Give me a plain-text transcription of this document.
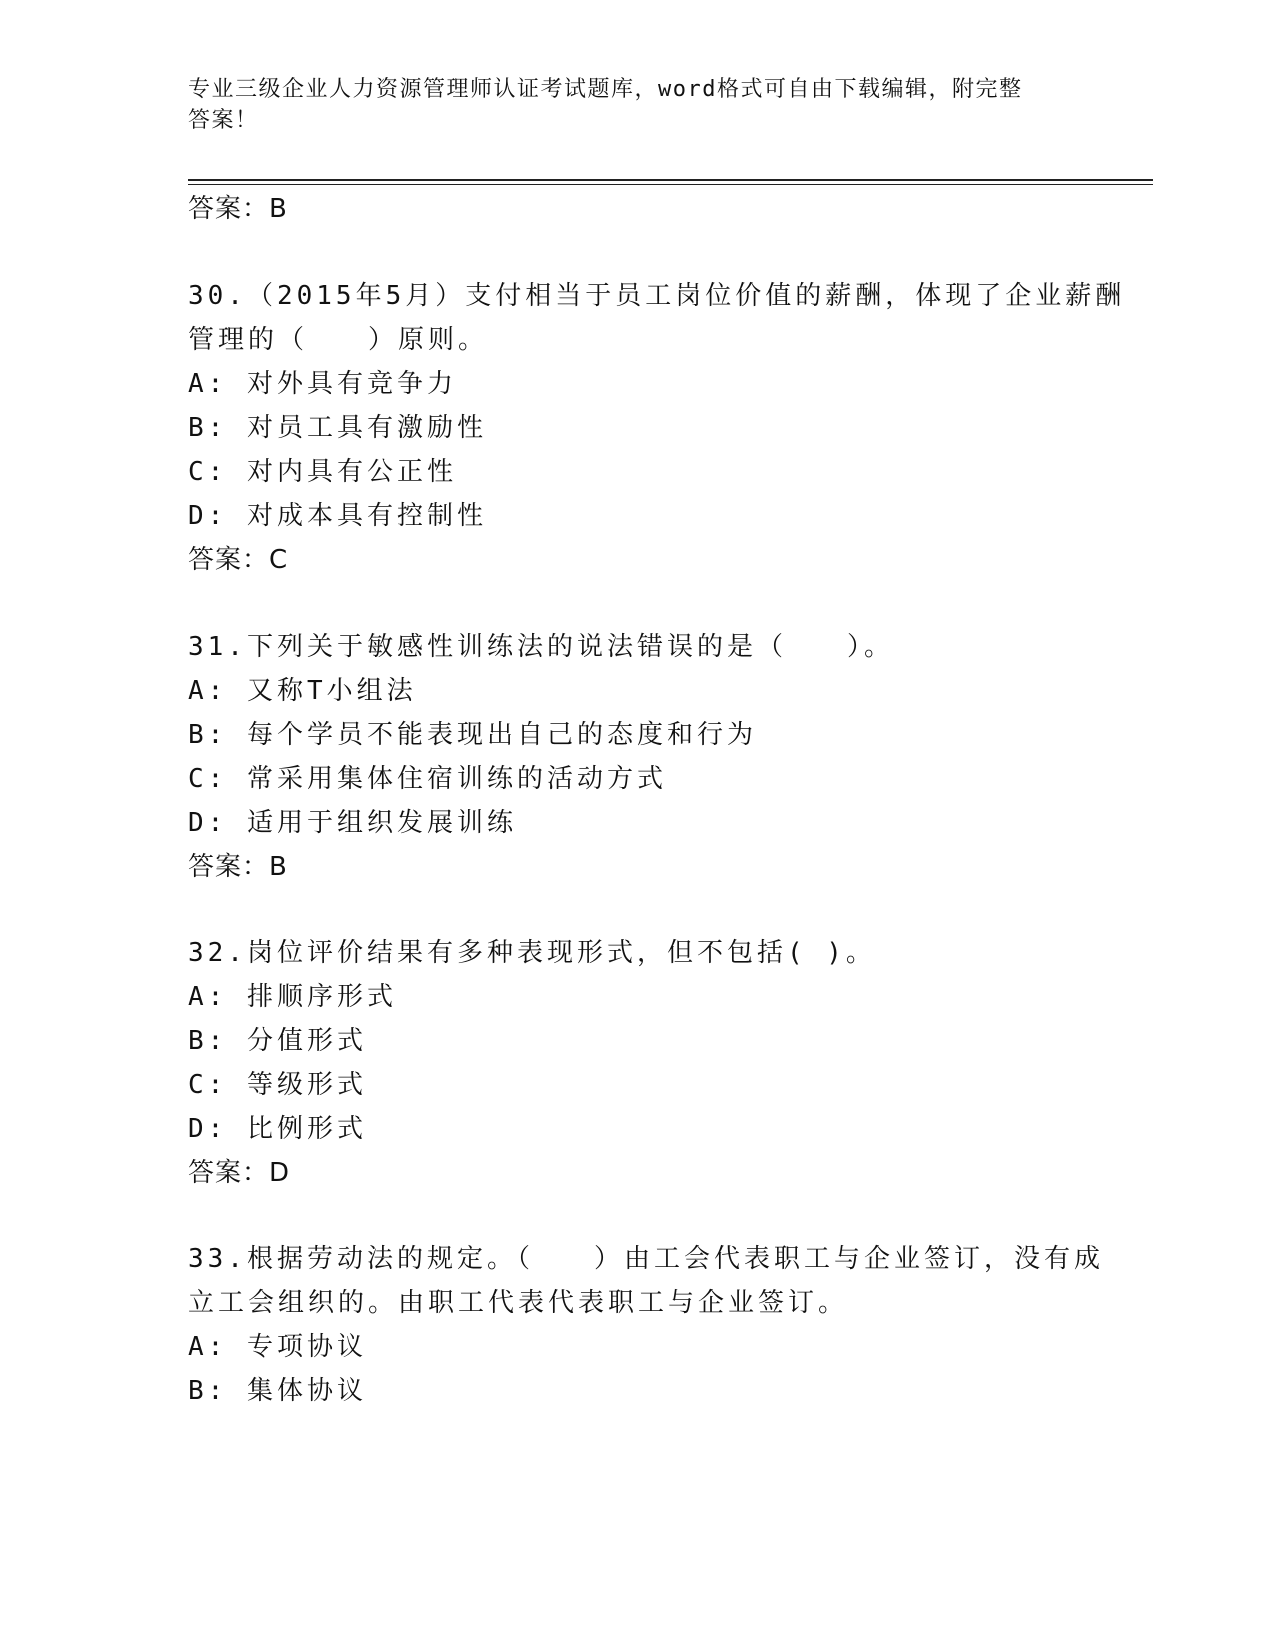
专业三级企业人力资源管理师认证考试题库，word格式可自由下载编辑，附完整
答案！
答案：B
30.（2015年5月）支付相当于员工岗位价值的薪酬，体现了企业薪酬
管理的（　　）原则。
A: 对外具有竞争力
B: 对员工具有激励性
C: 对内具有公正性
D: 对成本具有控制性
答案：C
31.下列关于敏感性训练法的说法错误的是（　　）。
A: 又称T小组法
B: 每个学员不能表现出自己的态度和行为
C: 常采用集体住宿训练的活动方式
D: 适用于组织发展训练
答案：B
32.岗位评价结果有多种表现形式，但不包括( )。
A: 排顺序形式
B: 分值形式
C: 等级形式
D: 比例形式
答案：D
33.根据劳动法的规定。（　　）由工会代表职工与企业签订，没有成
立工会组织的。由职工代表代表职工与企业签订。
A: 专项协议
B: 集体协议
